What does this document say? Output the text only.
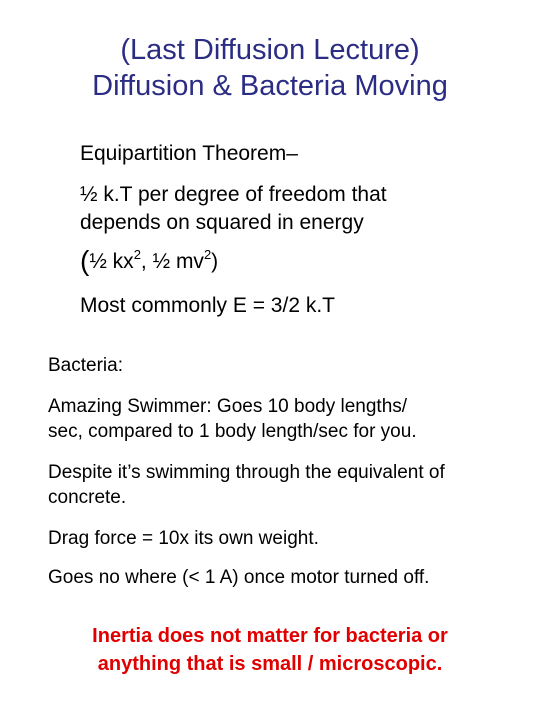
(Last Diffusion Lecture)
Diffusion & Bacteria Moving
Equipartition Theorem–
½ k.T per degree of freedom that
depends on squared in energy
(½ $kx^2$, ½ $mv^2$)
Most commonly E = 3/2 k.T
Bacteria:
Amazing Swimmer: Goes 10 body lengths/
sec, compared to 1 body length/sec for you.
Despite it’s swimming through the equivalent of
concrete.
Drag force = 10x its own weight.
Goes no where (< 1 A) once motor turned off.
Inertia does not matter for bacteria or
anything that is small / microscopic.
